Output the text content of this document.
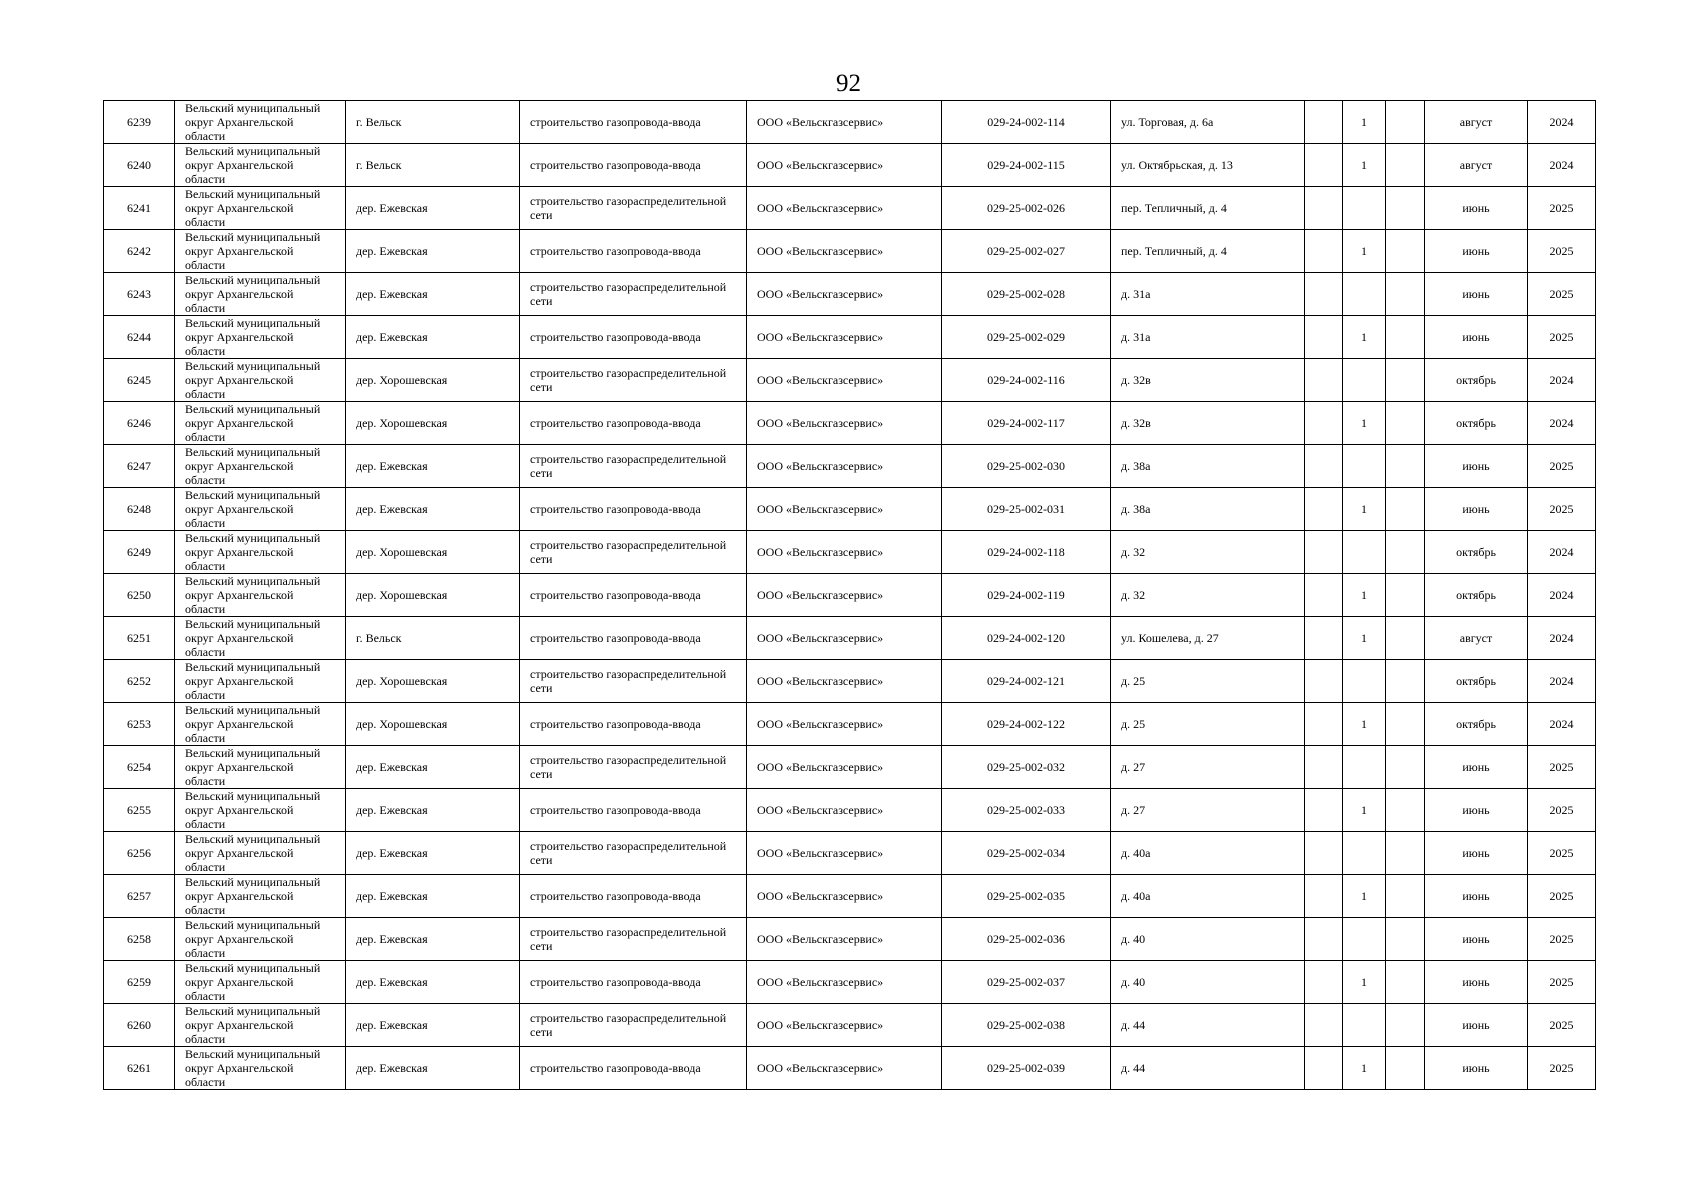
92
6239	Вельский муниципальный округ Архангельской области	г. Вельск	строительство газопровода-ввода	ООО «Вельскгазсервис»	029-24-002-114	ул. Торговая, д. 6а		1		август	2024
6240	Вельский муниципальный округ Архангельской области	г. Вельск	строительство газопровода-ввода	ООО «Вельскгазсервис»	029-24-002-115	ул. Октябрьская, д. 13		1		август	2024
6241	Вельский муниципальный округ Архангельской области	дер. Ежевская	строительство газораспределительной сети	ООО «Вельскгазсервис»	029-25-002-026	пер. Тепличный, д. 4				июнь	2025
6242	Вельский муниципальный округ Архангельской области	дер. Ежевская	строительство газопровода-ввода	ООО «Вельскгазсервис»	029-25-002-027	пер. Тепличный, д. 4		1		июнь	2025
6243	Вельский муниципальный округ Архангельской области	дер. Ежевская	строительство газораспределительной сети	ООО «Вельскгазсервис»	029-25-002-028	д. 31а				июнь	2025
6244	Вельский муниципальный округ Архангельской области	дер. Ежевская	строительство газопровода-ввода	ООО «Вельскгазсервис»	029-25-002-029	д. 31а		1		июнь	2025
6245	Вельский муниципальный округ Архангельской области	дер. Хорошевская	строительство газораспределительной сети	ООО «Вельскгазсервис»	029-24-002-116	д. 32в				октябрь	2024
6246	Вельский муниципальный округ Архангельской области	дер. Хорошевская	строительство газопровода-ввода	ООО «Вельскгазсервис»	029-24-002-117	д. 32в		1		октябрь	2024
6247	Вельский муниципальный округ Архангельской области	дер. Ежевская	строительство газораспределительной сети	ООО «Вельскгазсервис»	029-25-002-030	д. 38а				июнь	2025
6248	Вельский муниципальный округ Архангельской области	дер. Ежевская	строительство газопровода-ввода	ООО «Вельскгазсервис»	029-25-002-031	д. 38а		1		июнь	2025
6249	Вельский муниципальный округ Архангельской области	дер. Хорошевская	строительство газораспределительной сети	ООО «Вельскгазсервис»	029-24-002-118	д. 32				октябрь	2024
6250	Вельский муниципальный округ Архангельской области	дер. Хорошевская	строительство газопровода-ввода	ООО «Вельскгазсервис»	029-24-002-119	д. 32		1		октябрь	2024
6251	Вельский муниципальный округ Архангельской области	г. Вельск	строительство газопровода-ввода	ООО «Вельскгазсервис»	029-24-002-120	ул. Кошелева, д. 27		1		август	2024
6252	Вельский муниципальный округ Архангельской области	дер. Хорошевская	строительство газораспределительной сети	ООО «Вельскгазсервис»	029-24-002-121	д. 25				октябрь	2024
6253	Вельский муниципальный округ Архангельской области	дер. Хорошевская	строительство газопровода-ввода	ООО «Вельскгазсервис»	029-24-002-122	д. 25		1		октябрь	2024
6254	Вельский муниципальный округ Архангельской области	дер. Ежевская	строительство газораспределительной сети	ООО «Вельскгазсервис»	029-25-002-032	д. 27				июнь	2025
6255	Вельский муниципальный округ Архангельской области	дер. Ежевская	строительство газопровода-ввода	ООО «Вельскгазсервис»	029-25-002-033	д. 27		1		июнь	2025
6256	Вельский муниципальный округ Архангельской области	дер. Ежевская	строительство газораспределительной сети	ООО «Вельскгазсервис»	029-25-002-034	д. 40а				июнь	2025
6257	Вельский муниципальный округ Архангельской области	дер. Ежевская	строительство газопровода-ввода	ООО «Вельскгазсервис»	029-25-002-035	д. 40а		1		июнь	2025
6258	Вельский муниципальный округ Архангельской области	дер. Ежевская	строительство газораспределительной сети	ООО «Вельскгазсервис»	029-25-002-036	д. 40				июнь	2025
6259	Вельский муниципальный округ Архангельской области	дер. Ежевская	строительство газопровода-ввода	ООО «Вельскгазсервис»	029-25-002-037	д. 40		1		июнь	2025
6260	Вельский муниципальный округ Архангельской области	дер. Ежевская	строительство газораспределительной сети	ООО «Вельскгазсервис»	029-25-002-038	д. 44				июнь	2025
6261	Вельский муниципальный округ Архангельской области	дер. Ежевская	строительство газопровода-ввода	ООО «Вельскгазсервис»	029-25-002-039	д. 44		1		июнь	2025
